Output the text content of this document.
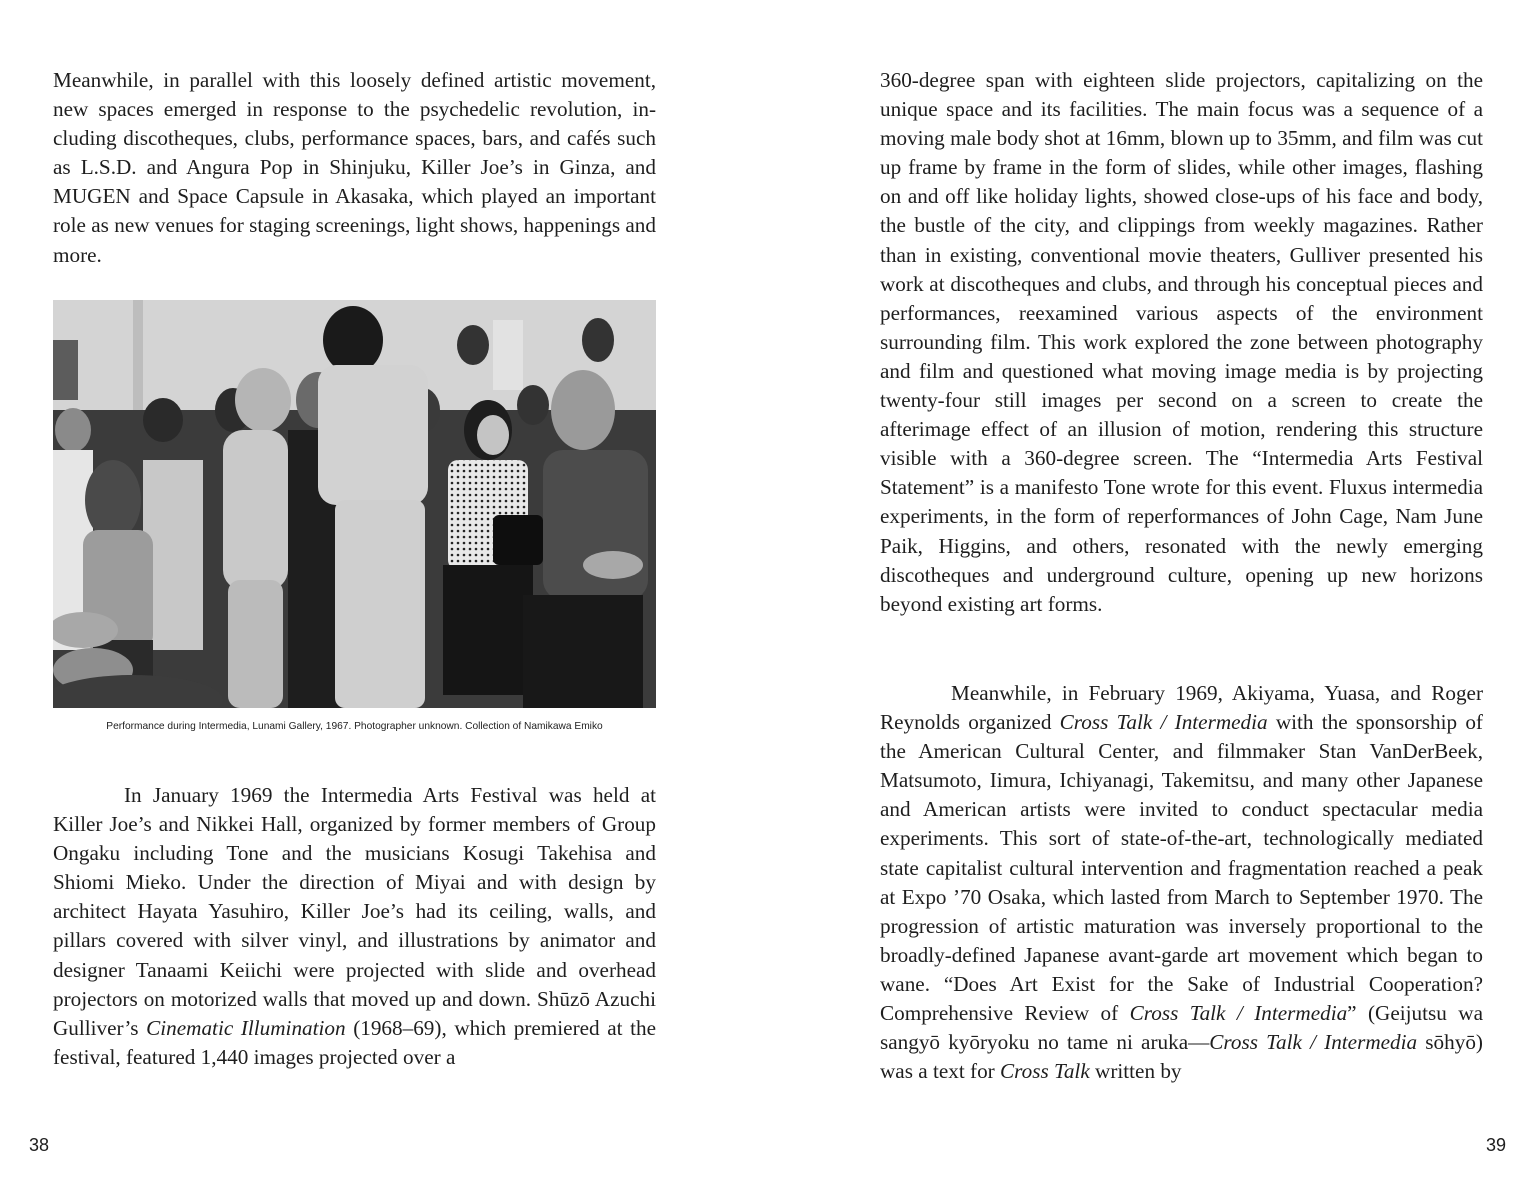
Meanwhile, in parallel with this loosely defined artistic movement, new spaces emerged in response to the psychedelic revolution, including discotheques, clubs, performance spaces, bars, and cafés such as L.S.D. and Angura Pop in Shinjuku, Killer Joe’s in Ginza, and MUGEN and Space Capsule in Akasaka, which played an important role as new venues for staging screenings, light shows, happenings and more.

Performance during Intermedia, Lunami Gallery, 1967. Photographer unknown. Collection of Namikawa Emiko

In January 1969 the Intermedia Arts Festival was held at Killer Joe’s and Nikkei Hall, organized by former members of Group Ongaku including Tone and the musicians Kosugi Takehisa and Shiomi Mieko. Under the direction of Miyai and with design by architect Hayata Yasuhiro, Killer Joe’s had its ceiling, walls, and pillars covered with silver vinyl, and illustrations by animator and designer Tanaami Keiichi were projected with slide and overhead projectors on motorized walls that moved up and down. Shūzō Azuchi Gulliver’s Cinematic Illumination (1968–69), which premiered at the festival, featured 1,440 images projected over a

38

360-degree span with eighteen slide projectors, capitalizing on the unique space and its facilities. The main focus was a sequence of a moving male body shot at 16mm, blown up to 35mm, and film was cut up frame by frame in the form of slides, while other images, flashing on and off like holiday lights, showed close-ups of his face and body, the bustle of the city, and clippings from weekly magazines. Rather than in existing, conventional movie theaters, Gulliver presented his work at discotheques and clubs, and through his conceptual pieces and performances, reexamined various aspects of the environment surrounding film. This work explored the zone between photography and film and questioned what moving image media is by projecting twenty-four still images per second on a screen to create the afterimage effect of an illusion of motion, rendering this structure visible with a 360-degree screen. The “Intermedia Arts Festival Statement” is a manifesto Tone wrote for this event. Fluxus intermedia experiments, in the form of reperformances of John Cage, Nam June Paik, Higgins, and others, resonated with the newly emerging discotheques and underground culture, opening up new horizons beyond existing art forms.

Meanwhile, in February 1969, Akiyama, Yuasa, and Roger Reynolds organized Cross Talk / Intermedia with the sponsorship of the American Cultural Center, and filmmaker Stan VanDerBeek, Matsumoto, Iimura, Ichiyanagi, Takemitsu, and many other Japanese and American artists were invited to conduct spectacular media experiments. This sort of state-of-the-art, technologically mediated state capitalist cultural intervention and fragmentation reached a peak at Expo ’70 Osaka, which lasted from March to September 1970. The progression of artistic maturation was inversely proportional to the broadly-defined Japanese avant-garde art movement which began to wane. “Does Art Exist for the Sake of Industrial Cooperation? Comprehensive Review of Cross Talk / Intermedia” (Geijutsu wa sangyō kyōryoku no tame ni aruka—Cross Talk / Intermedia sōhyō) was a text for Cross Talk written by

39
